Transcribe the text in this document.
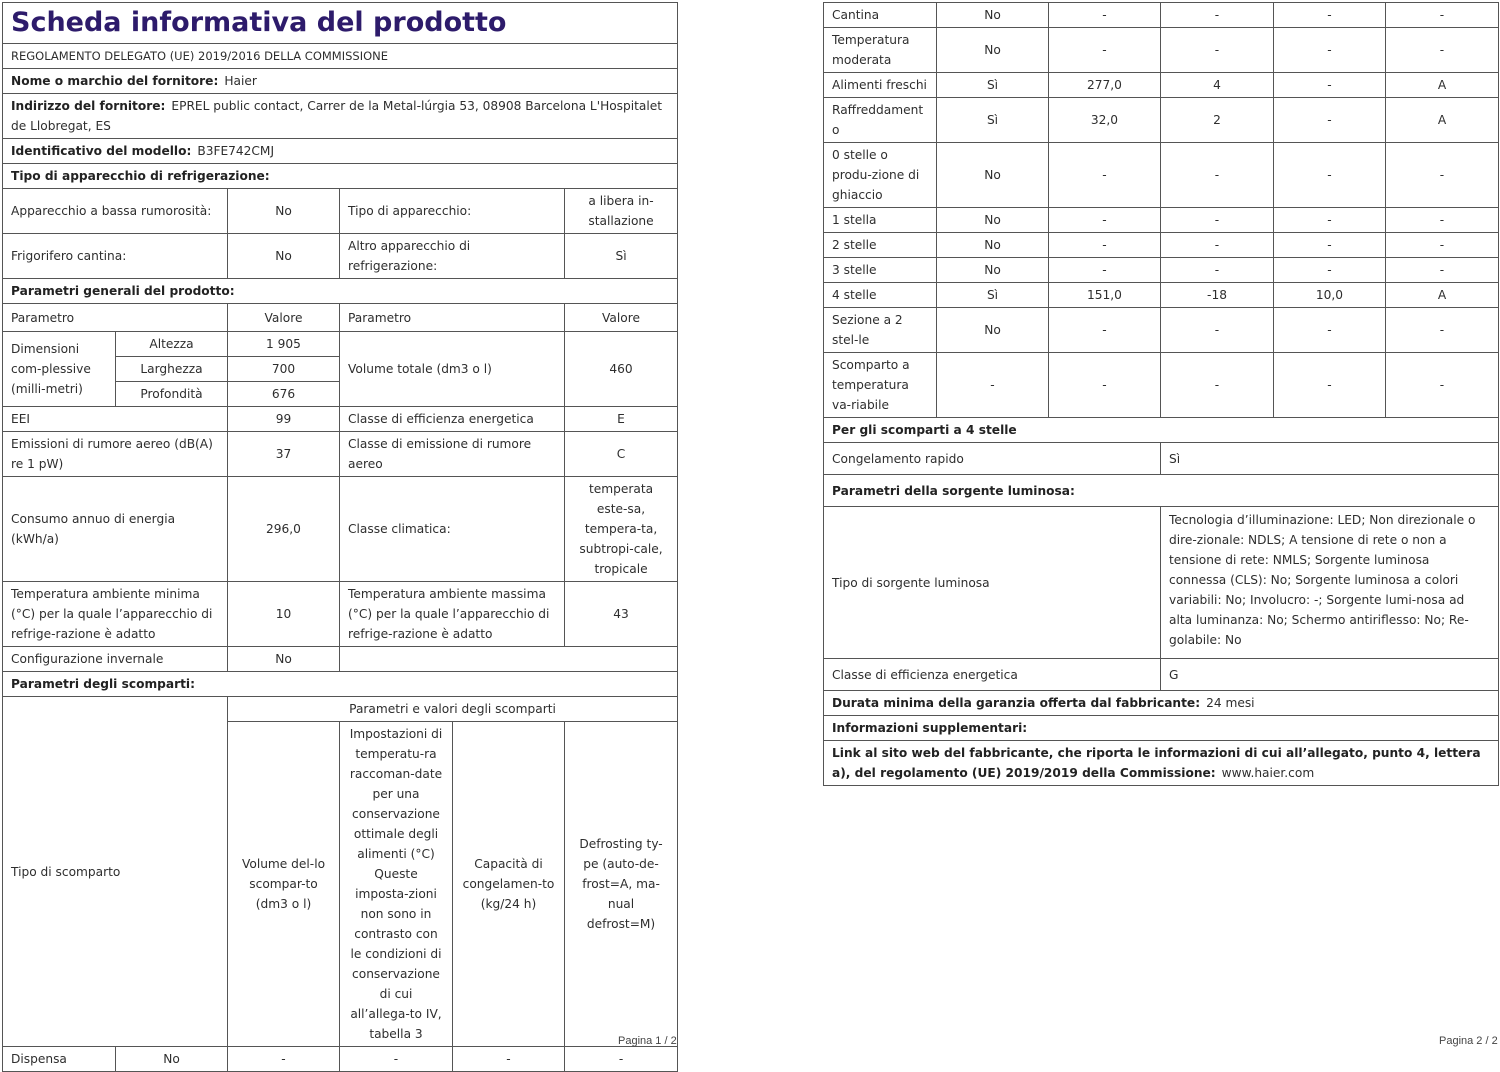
Scheda informativa del prodotto					
REGOLAMENTO DELEGATO (UE) 2019/2016 DELLA COMMISSIONE					
Nome o marchio del fornitore: Haier					
Indirizzo del fornitore: EPREL public contact, Carrer de la Metal-lúrgia 53, 08908 Barcelona L'Hospitalet de Llobregat, ES					
Identificativo del modello: B3FE742CMJ					
Tipo di apparecchio di refrigerazione:					
Apparecchio a bassa rumorosità:		No	Tipo di apparecchio:		a libera in-stallazione
Frigorifero cantina:		No	Altro apparecchio di refrigerazione:		Sì
Parametri generali del prodotto:					
Parametro		Valore	Parametro		Valore
Dimensioni com-plessive (milli-metri)	Altezza	1 905	Volume totale (dm3 o l)		460
	Larghezza	700			
	Profondità	676			
EEI		99	Classe di efficienza energetica		E
Emissioni di rumore aereo (dB(A) re 1 pW)		37	Classe di emissione di rumore aereo		C
Consumo annuo di energia (kWh/a)		296,0	Classe climatica:		temperata este-sa, tempera-ta, subtropi-cale, tropicale
Temperatura ambiente minima (°C) per la quale l’apparecchio di refrige-razione è adatto		10	Temperatura ambiente massima (°C) per la quale l’apparecchio di refrige-razione è adatto		43
Configurazione invernale		No			
Parametri degli scomparti:					
Tipo di scomparto		Parametri e valori degli scomparti			
		Volume del-lo scompar-to (dm3 o l)	Impostazioni di temperatu-ra raccoman-date per una conservazione ottimale degli alimenti (°C) Queste imposta-zioni non sono in contrasto con le condizioni di conservazione di cui all’allega-to IV, tabella 3	Capacità di congelamen-to (kg/24 h)	Defrosting ty-pe (auto-de-frost=A, ma-nual defrost=M)
Dispensa	No	-	-	-	-
Pagina 1 / 2
Cantina	No	-	-	-	-
Temperatura moderata	No	-	-	-	-
Alimenti freschi	Sì	277,0	4	-	A
Raffreddamento	Sì	32,0	2	-	A
0 stelle o produ-zione di ghiaccio	No	-	-	-	-
1 stella	No	-	-	-	-
2 stelle	No	-	-	-	-
3 stelle	No	-	-	-	-
4 stelle	Sì	151,0	-18	10,0	A
Sezione a 2 stel-le	No	-	-	-	-
Scomparto a temperatura va-riabile	-	-	-	-	-
Per gli scomparti a 4 stelle					
Congelamento rapido			Sì		
Parametri della sorgente luminosa:					
Tipo di sorgente luminosa			Tecnologia d’illuminazione: LED; Non direzionale o dire-zionale: NDLS; A tensione di rete o non a tensione di rete: NMLS; Sorgente luminosa connessa (CLS): No; Sorgente luminosa a colori variabili: No; Involucro: -; Sorgente lumi-nosa ad alta luminanza: No; Schermo antiriflesso: No; Re-golabile: No		
Classe di efficienza energetica			G		
Durata minima della garanzia offerta dal fabbricante: 24 mesi					
Informazioni supplementari:					
Link al sito web del fabbricante, che riporta le informazioni di cui all’allegato, punto 4, lettera a), del regolamento (UE) 2019/2019 della Commissione: www.haier.com					
Pagina 2 / 2
